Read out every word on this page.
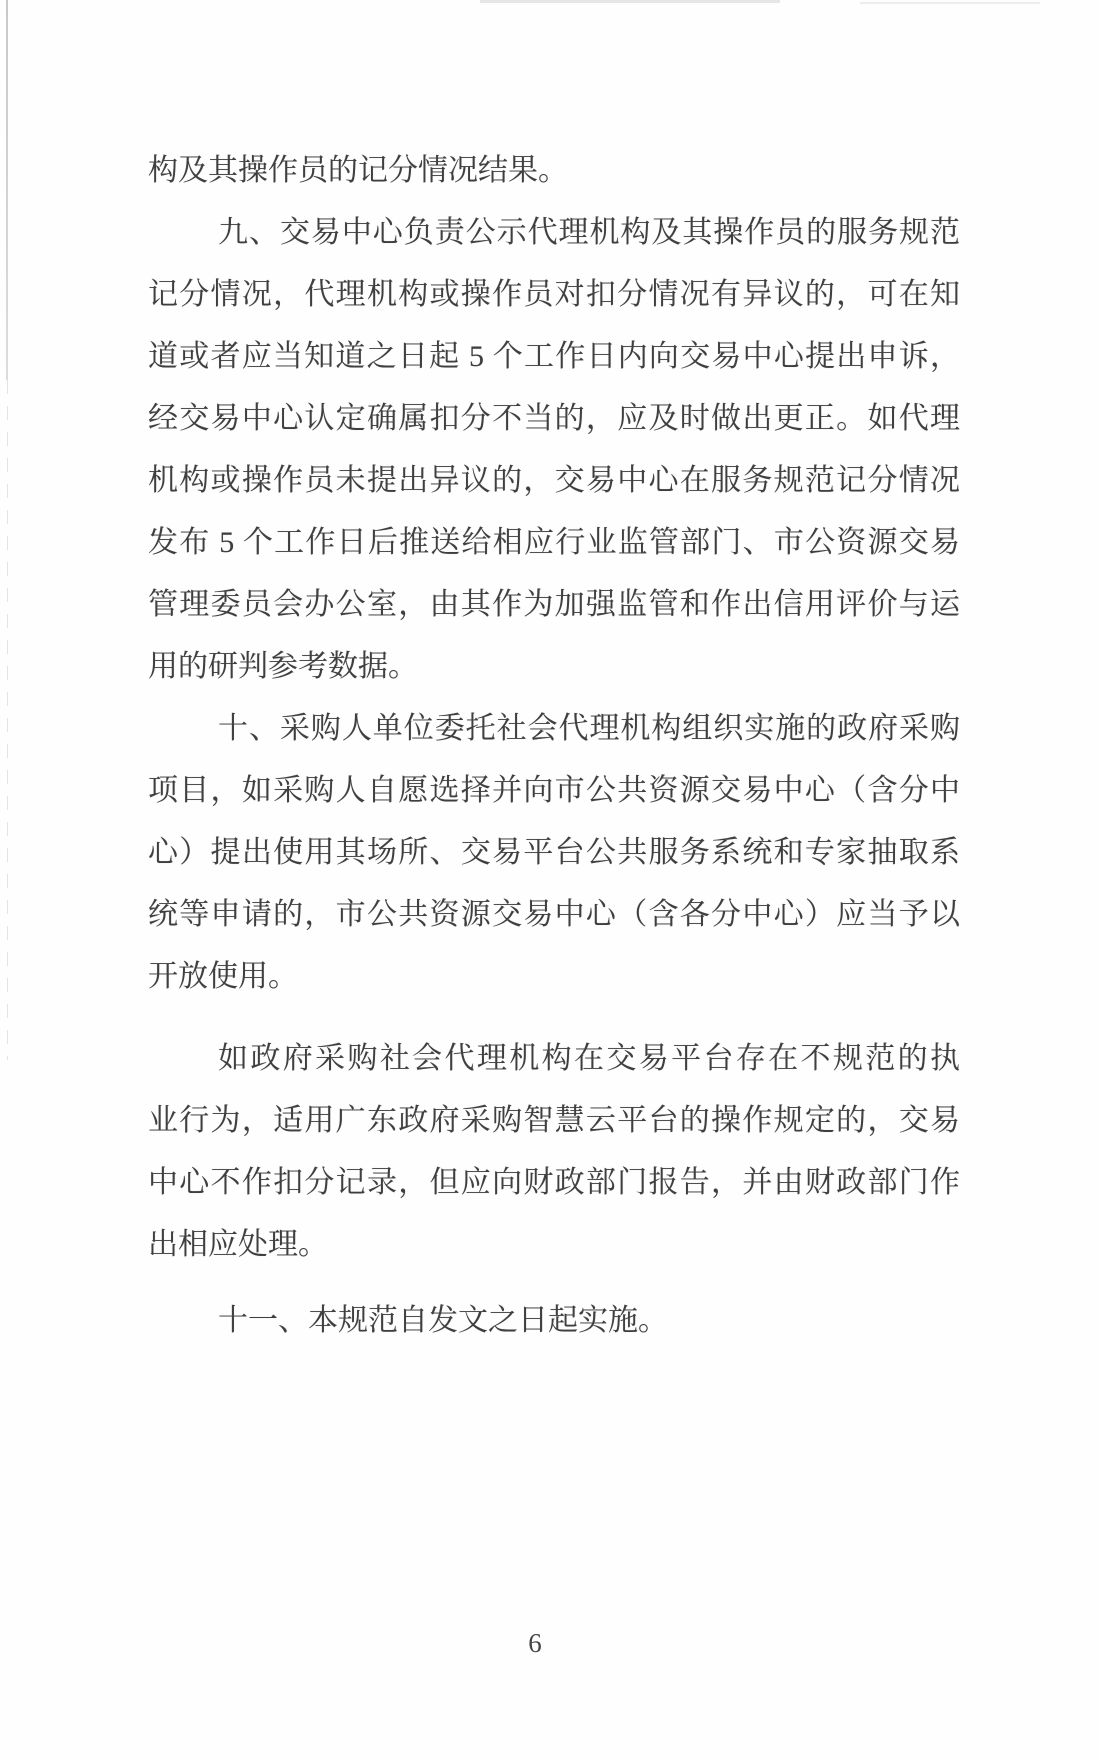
构及其操作员的记分情况结果。
九、交易中心负责公示代理机构及其操作员的服务规范
记分情况，代理机构或操作员对扣分情况有异议的，可在知
道或者应当知道之日起 5 个工作日内向交易中心提出申诉，
经交易中心认定确属扣分不当的，应及时做出更正。如代理
机构或操作员未提出异议的，交易中心在服务规范记分情况
发布 5 个工作日后推送给相应行业监管部门、市公资源交易
管理委员会办公室，由其作为加强监管和作出信用评价与运
用的研判参考数据。
十、采购人单位委托社会代理机构组织实施的政府采购
项目，如采购人自愿选择并向市公共资源交易中心（含分中
心）提出使用其场所、交易平台公共服务系统和专家抽取系
统等申请的，市公共资源交易中心（含各分中心）应当予以
开放使用。
如政府采购社会代理机构在交易平台存在不规范的执
业行为，适用广东政府采购智慧云平台的操作规定的，交易
中心不作扣分记录，但应向财政部门报告，并由财政部门作
出相应处理。
十一、本规范自发文之日起实施。
6
